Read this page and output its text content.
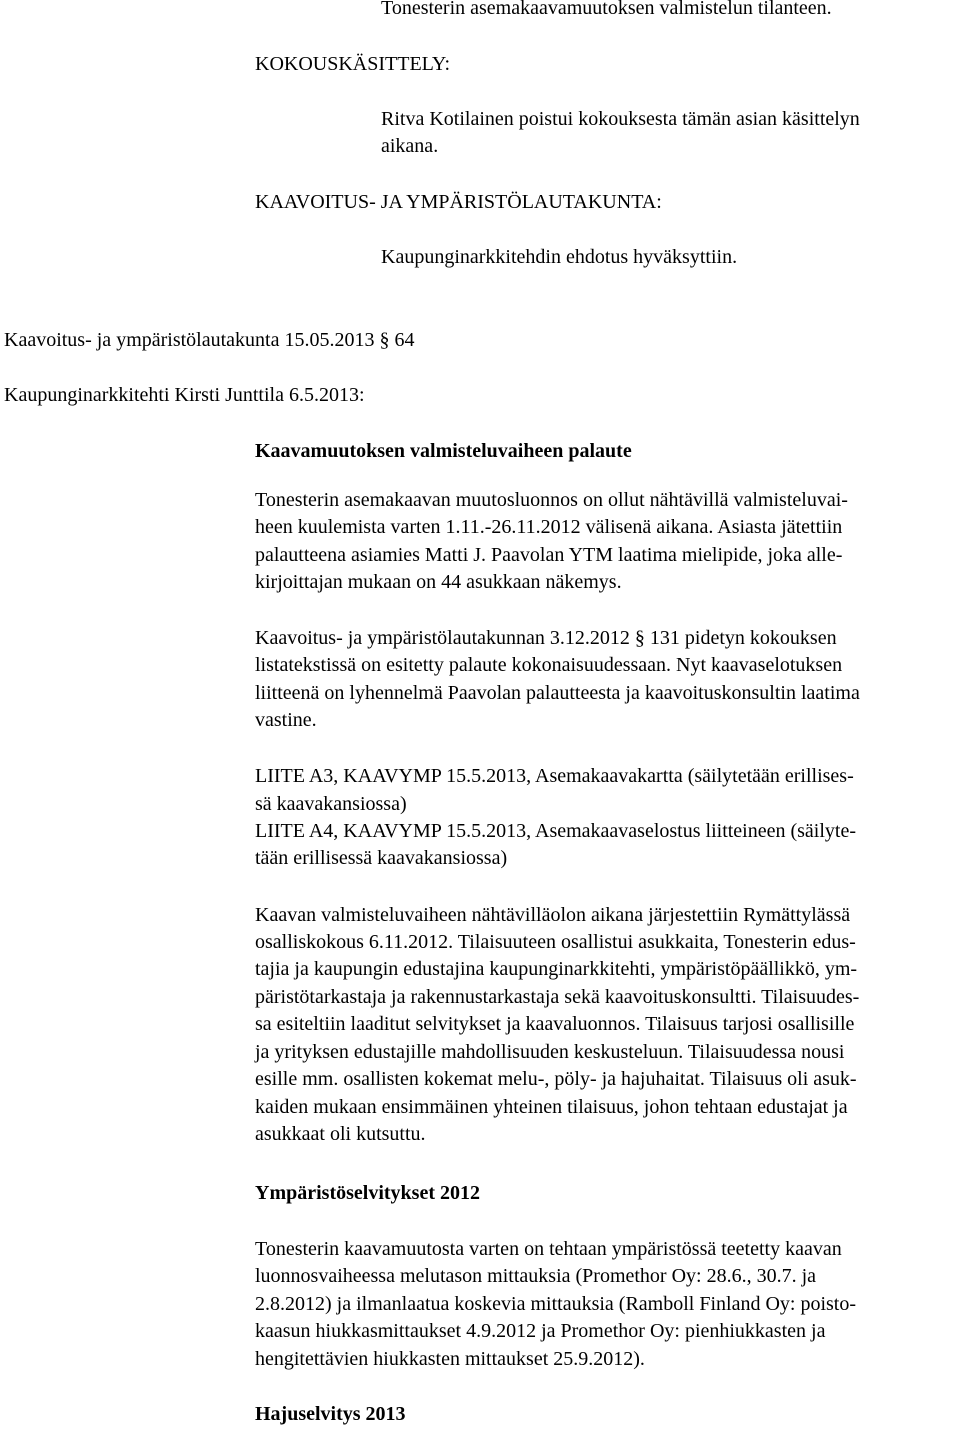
Tonesterin asemakaavamuutoksen valmistelun tilanteen.

KOKOUSKÄSITTELY:

Ritva Kotilainen poistui kokouksesta tämän asian käsittelyn

aikana.

KAAVOITUS- JA YMPÄRISTÖLAUTAKUNTA:

Kaupunginarkkitehdin ehdotus hyväksyttiin.

Kaavoitus- ja ympäristölautakunta 15.05.2013 § 64

Kaupunginarkkitehti Kirsti Junttila 6.5.2013:

Kaavamuutoksen valmisteluvaiheen palaute

Tonesterin asemakaavan muutosluonnos on ollut nähtävillä valmisteluvai-

heen kuulemista varten 1.11.-26.11.2012 välisenä aikana. Asiasta jätettiin

palautteena asiamies Matti J. Paavolan YTM laatima mielipide, joka alle-

kirjoittajan mukaan on 44 asukkaan näkemys.

Kaavoitus- ja ympäristölautakunnan 3.12.2012 § 131 pidetyn kokouksen

listatekstissä on esitetty palaute kokonaisuudessaan. Nyt kaavaselotuksen

liitteenä on lyhennelmä Paavolan palautteesta ja kaavoituskonsultin laatima

vastine.

LIITE A3, KAAVYMP 15.5.2013, Asemakaavakartta (säilytetään erillises-

sä kaavakansiossa)

LIITE A4, KAAVYMP 15.5.2013, Asemakaavaselostus liitteineen (säilyte-

tään erillisessä kaavakansiossa)

Kaavan valmisteluvaiheen nähtävilläolon aikana järjestettiin Rymättylässä

osalliskokous 6.11.2012. Tilaisuuteen osallistui asukkaita, Tonesterin edus-

tajia ja kaupungin edustajina kaupunginarkkitehti, ympäristöpäällikkö, ym-

päristötarkastaja ja rakennustarkastaja sekä kaavoituskonsultti. Tilaisuudes-

sa esiteltiin laaditut selvitykset ja kaavaluonnos. Tilaisuus tarjosi osallisille

ja yrityksen edustajille mahdollisuuden keskusteluun. Tilaisuudessa nousi

esille mm. osallisten kokemat melu-, pöly- ja hajuhaitat. Tilaisuus oli asuk-

kaiden mukaan ensimmäinen yhteinen tilaisuus, johon tehtaan edustajat ja

asukkaat oli kutsuttu.

Ympäristöselvitykset 2012

Tonesterin kaavamuutosta varten on tehtaan ympäristössä teetetty kaavan

luonnosvaiheessa melutason mittauksia (Promethor Oy: 28.6., 30.7. ja

2.8.2012) ja ilmanlaatua koskevia mittauksia (Ramboll Finland Oy: poisto-

kaasun hiukkasmittaukset 4.9.2012 ja Promethor Oy: pienhiukkasten ja

hengitettävien hiukkasten mittaukset 25.9.2012).

Hajuselvitys 2013
